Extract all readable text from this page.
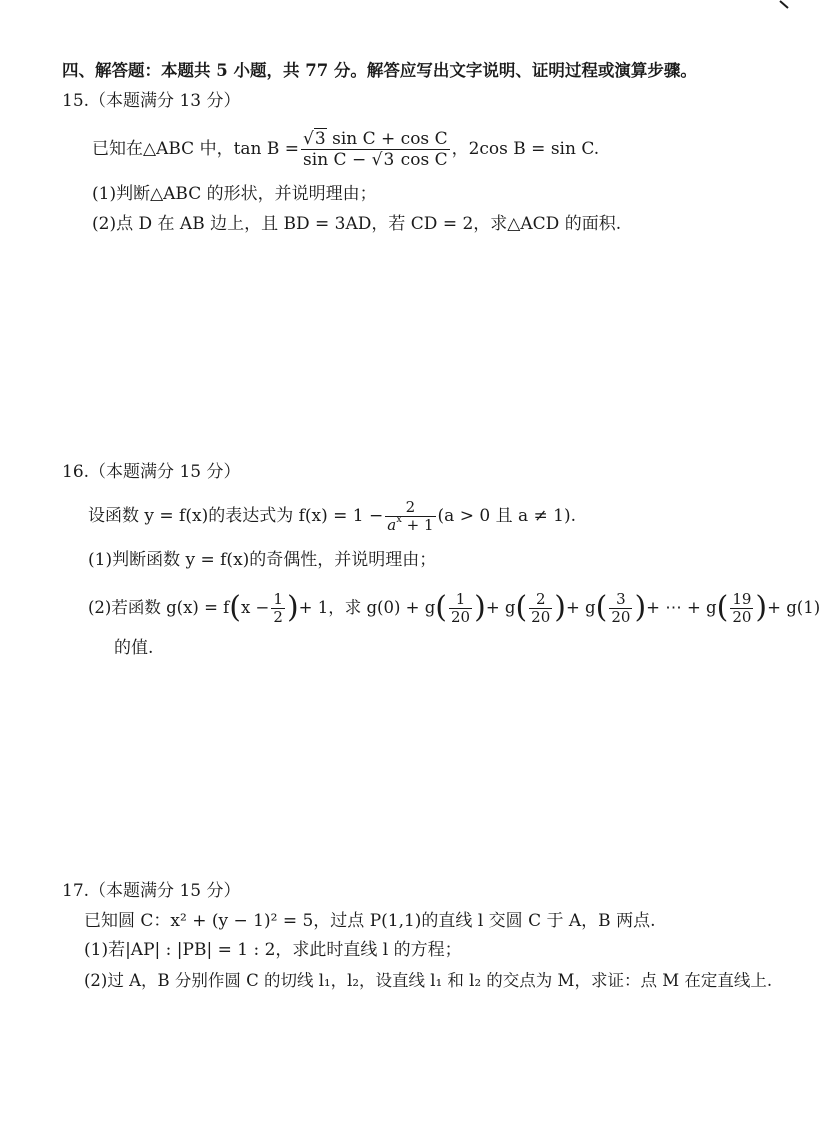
四、解答题：本题共 5 小题，共 77 分。解答应写出文字说明、证明过程或演算步骤。
15.（本题满分 13 分）
已知在△ABC 中，$\tan B = \frac{\text{√3 sin C + cos C}}{\text{sin C − √3 cos C}}$ ，2cos B = sin C.
(1)判断△ABC 的形状，并说明理由；
(2)点 D 在 AB 边上，且 BD = 3AD，若 CD = 2，求△ACD 的面积.
16.（本题满分 15 分）
设函数 y = f(x)的表达式为 $f(x) = 1 - \frac{2}{a^x + 1} (a > 0$ 且 a ≠ 1).
(1)判断函数 y = f(x)的奇偶性，并说明理由；
(2)若函数 g(x) = f ( $x - \frac{1}{2}$ ) + 1，求 g(0) + g ( $\frac{1}{20}$ ) + g ( $\frac{2}{20}$ ) + g ( $\frac{3}{20}$ ) + ⋯ + g ( $\frac{19}{20}$ ) + g(1)
的值.
17.（本题满分 15 分）
已知圆 C：x² + (y − 1)² = 5，过点 P(1,1)的直线 l 交圆 C 于 A，B 两点.
(1)若|AP| : |PB| = 1 : 2，求此时直线 l 的方程；
(2)过 A，B 分别作圆 C 的切线 l₁，l₂，设直线 l₁ 和 l₂ 的交点为 M，求证：点 M 在定直线上.
